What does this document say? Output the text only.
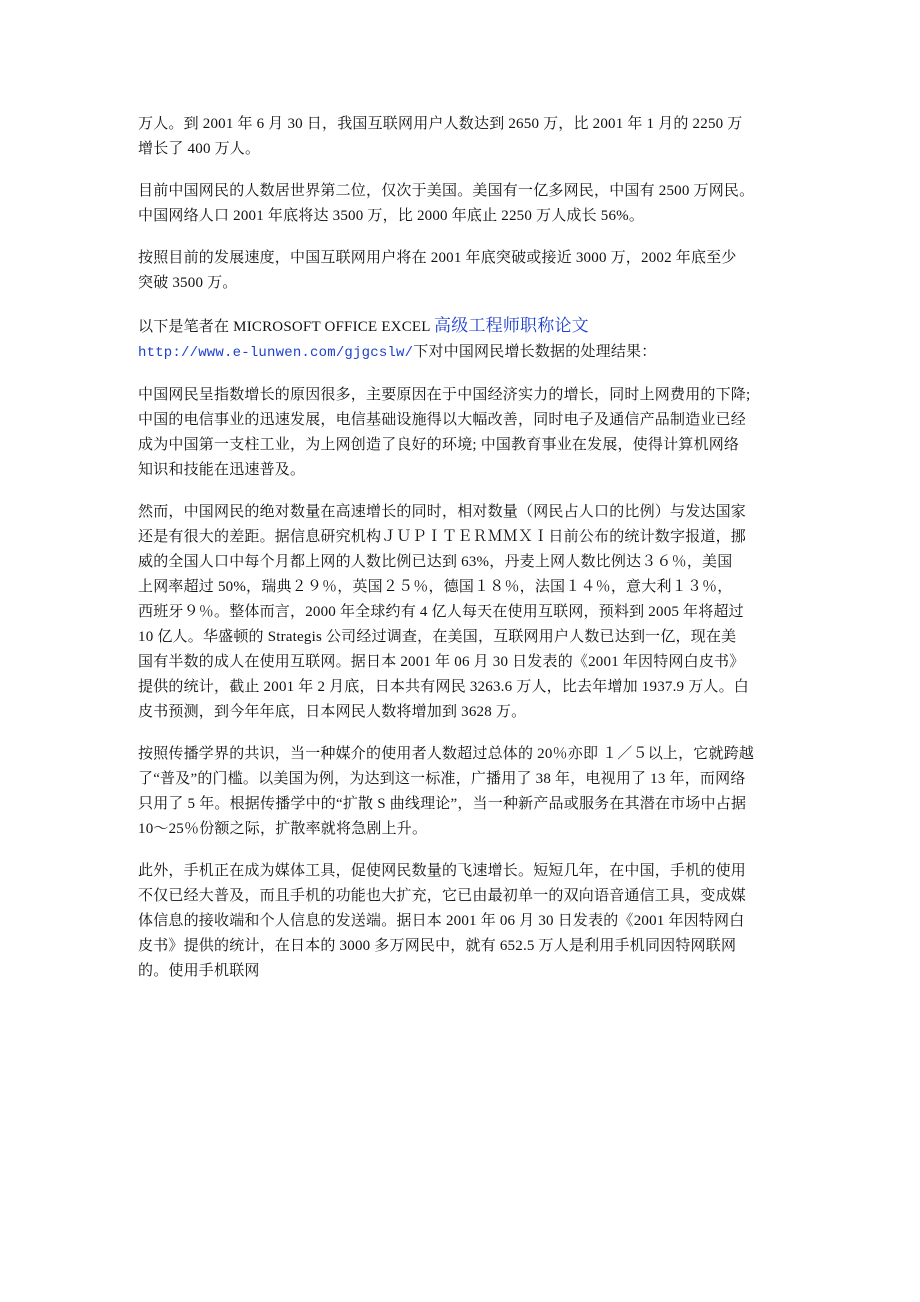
万人。到 2001 年 6 月 30 日，我国互联网用户人数达到 2650 万，比 2001 年 1 月的 2250 万
增长了 400 万人。

目前中国网民的人数居世界第二位，仅次于美国。美国有一亿多网民，中国有 2500 万网民。
中国网络人口 2001 年底将达 3500 万，比 2000 年底止 2250 万人成长 56%。

按照目前的发展速度，中国互联网用户将在 2001 年底突破或接近 3000 万，2002 年底至少
突破 3500 万。

以下是笔者在 MICROSOFT OFFICE EXCEL 高级工程师职称论文
http://www.e-lunwen.com/gjgcslw/下对中国网民增长数据的处理结果：

中国网民呈指数增长的原因很多，主要原因在于中国经济实力的增长，同时上网费用的下降;
中国的电信事业的迅速发展，电信基础设施得以大幅改善，同时电子及通信产品制造业已经
成为中国第一支柱工业，为上网创造了良好的环境; 中国教育事业在发展，使得计算机网络
知识和技能在迅速普及。

然而，中国网民的绝对数量在高速增长的同时，相对数量（网民占人口的比例）与发达国家
还是有很大的差距。据信息研究机构ＪＵＰＩＴＥＲＭＭＸＩ日前公布的统计数字报道，挪
威的全国人口中每个月都上网的人数比例已达到 63%，丹麦上网人数比例达３６％，美国
上网率超过 50%，瑞典２９％，英国２５％，德国１８％，法国１４％，意大利１３％，
西班牙９％。整体而言，2000 年全球约有 4 亿人每天在使用互联网，预料到 2005 年将超过
10 亿人。华盛顿的 Strategis 公司经过调查，在美国，互联网用户人数已达到一亿，现在美
国有半数的成人在使用互联网。据日本 2001 年 06 月 30 日发表的《2001 年因特网白皮书》
提供的统计，截止 2001 年 2 月底，日本共有网民 3263.6 万人，比去年增加 1937.9 万人。白
皮书预测，到今年年底，日本网民人数将增加到 3628 万。

按照传播学界的共识，当一种媒介的使用者人数超过总体的 20％亦即 １／５以上，它就跨越
了“普及”的门槛。以美国为例，为达到这一标准，广播用了 38 年，电视用了 13 年，而网络
只用了 5 年。根据传播学中的“扩散 S 曲线理论”，当一种新产品或服务在其潜在市场中占据
10～25％份额之际，扩散率就将急剧上升。

此外，手机正在成为媒体工具，促使网民数量的飞速增长。短短几年，在中国，手机的使用
不仅已经大普及，而且手机的功能也大扩充，它已由最初单一的双向语音通信工具，变成媒
体信息的接收端和个人信息的发送端。据日本 2001 年 06 月 30 日发表的《2001 年因特网白
皮书》提供的统计，在日本的 3000 多万网民中，就有 652.5 万人是利用手机同因特网联网
的。使用手机联网
